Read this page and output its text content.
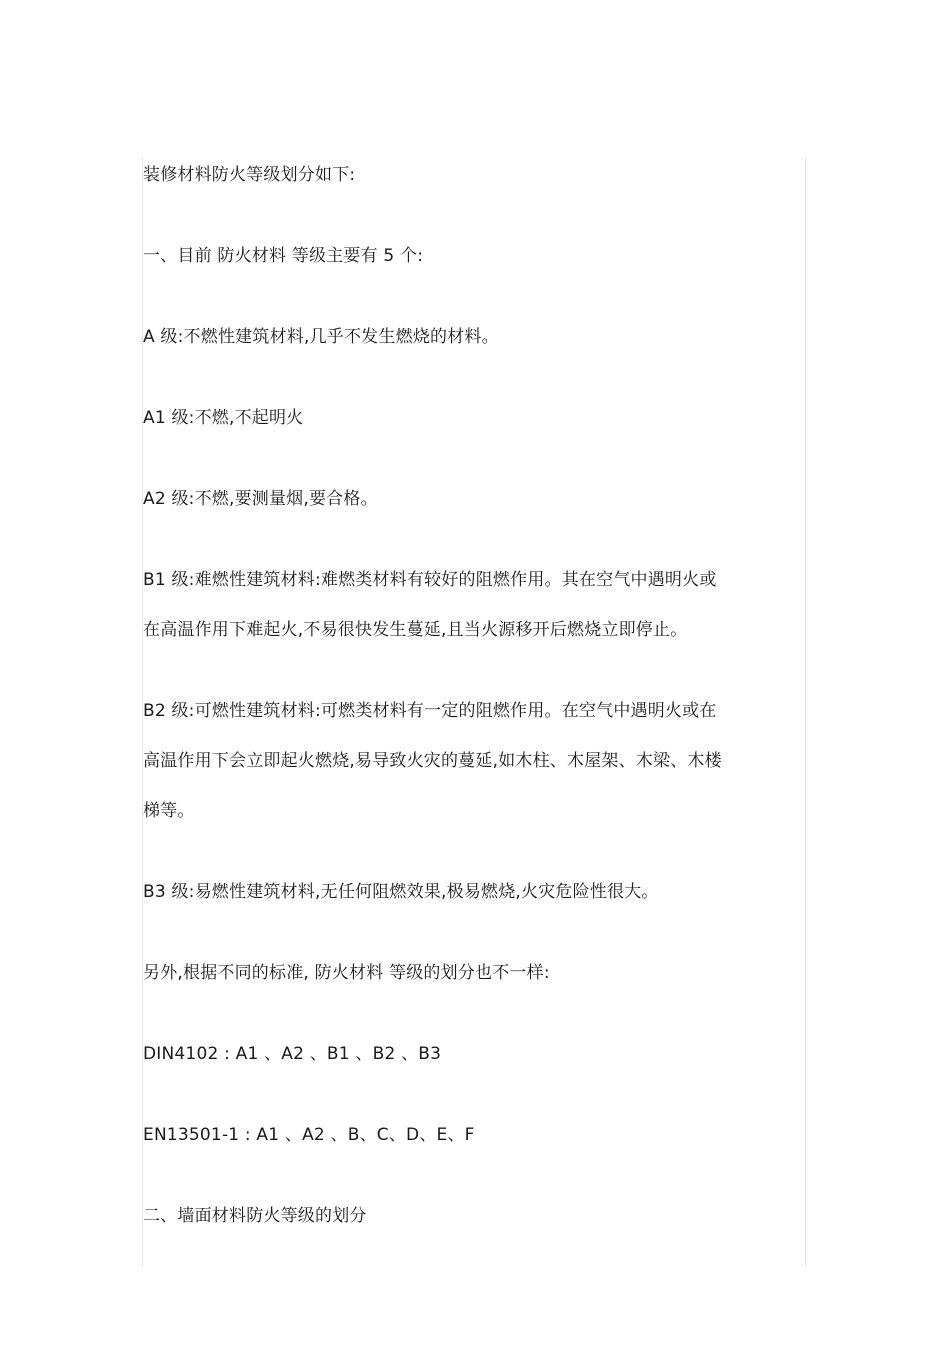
装修材料防火等级划分如下:
一、目前 防火材料 等级主要有 5 个:
A 级:不燃性建筑材料,几乎不发生燃烧的材料。
A1 级:不燃,不起明火
A2 级:不燃,要测量烟,要合格。
B1 级:难燃性建筑材料:难燃类材料有较好的阻燃作用。其在空气中遇明火或
在高温作用下难起火,不易很快发生蔓延,且当火源移开后燃烧立即停止。
B2 级:可燃性建筑材料:可燃类材料有一定的阻燃作用。在空气中遇明火或在
高温作用下会立即起火燃烧,易导致火灾的蔓延,如木柱、木屋架、木梁、木楼
梯等。
B3 级:易燃性建筑材料,无任何阻燃效果,极易燃烧,火灾危险性很大。
另外,根据不同的标准, 防火材料 等级的划分也不一样:
DIN4102 : A1 、A2 、B1 、B2 、B3
EN13501-1 : A1 、A2 、B、C、D、E、F
二、墙面材料防火等级的划分
